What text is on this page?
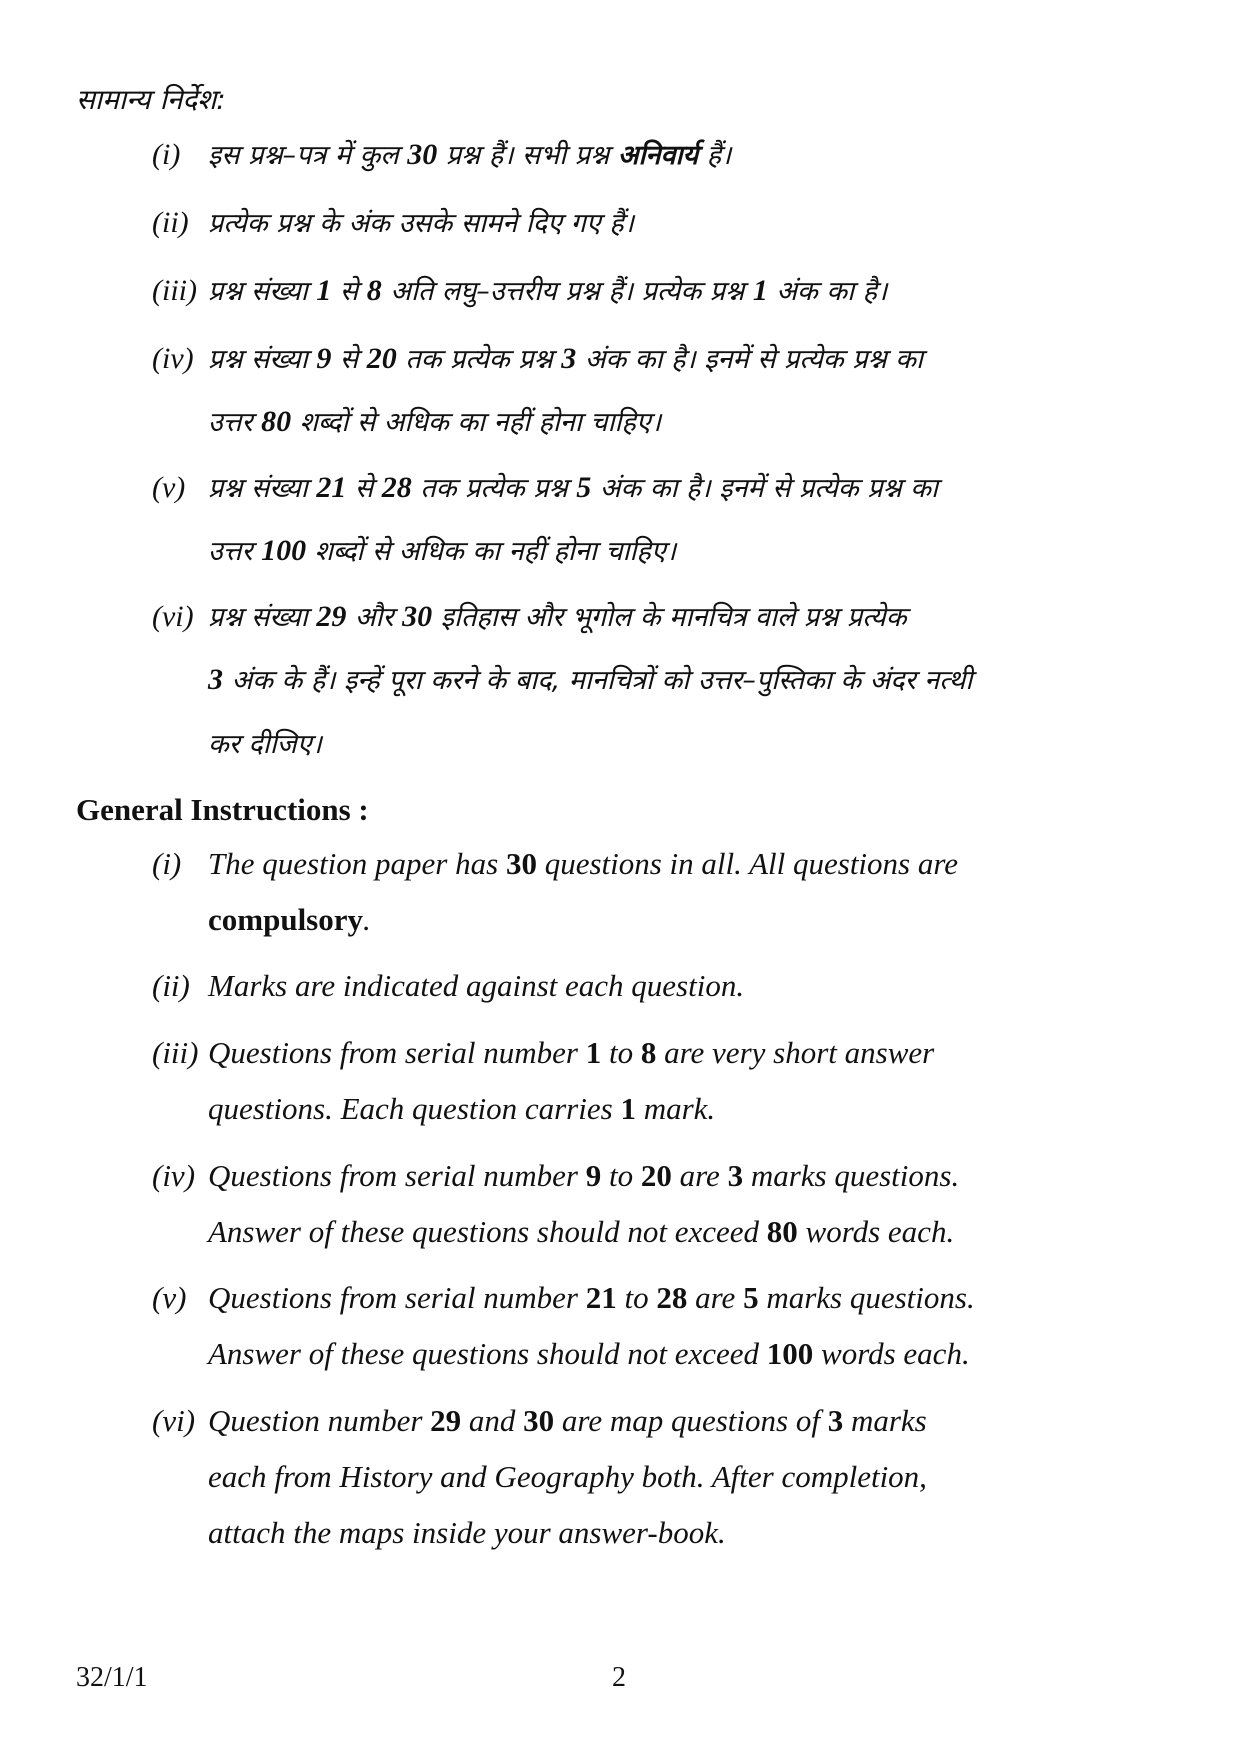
सामान्य निर्देश:
(i) इस प्रश्न–पत्र में कुल 30 प्रश्न हैं। सभी प्रश्न अनिवार्य हैं।
(ii) प्रत्येक प्रश्न के अंक उसके सामने दिए गए हैं।
(iii) प्रश्न संख्या 1 से 8 अति लघु–उत्तरीय प्रश्न हैं। प्रत्येक प्रश्न 1 अंक का है।
(iv) प्रश्न संख्या 9 से 20 तक प्रत्येक प्रश्न 3 अंक का है। इनमें से प्रत्येक प्रश्न का
उत्तर 80 शब्दों से अधिक का नहीं होना चाहिए।
(v) प्रश्न संख्या 21 से 28 तक प्रत्येक प्रश्न 5 अंक का है। इनमें से प्रत्येक प्रश्न का
उत्तर 100 शब्दों से अधिक का नहीं होना चाहिए।
(vi) प्रश्न संख्या 29 और 30 इतिहास और भूगोल के मानचित्र वाले प्रश्न प्रत्येक
3 अंक के हैं। इन्हें पूरा करने के बाद, मानचित्रों को उत्तर–पुस्तिका के अंदर नत्थी
कर दीजिए।
General Instructions :
(i) The question paper has 30 questions in all. All questions are
compulsory.
(ii) Marks are indicated against each question.
(iii) Questions from serial number 1 to 8 are very short answer
questions. Each question carries 1 mark.
(iv) Questions from serial number 9 to 20 are 3 marks questions.
Answer of these questions should not exceed 80 words each.
(v) Questions from serial number 21 to 28 are 5 marks questions.
Answer of these questions should not exceed 100 words each.
(vi) Question number 29 and 30 are map questions of 3 marks
each from History and Geography both. After completion,
attach the maps inside your answer-book.
32/1/1	2
